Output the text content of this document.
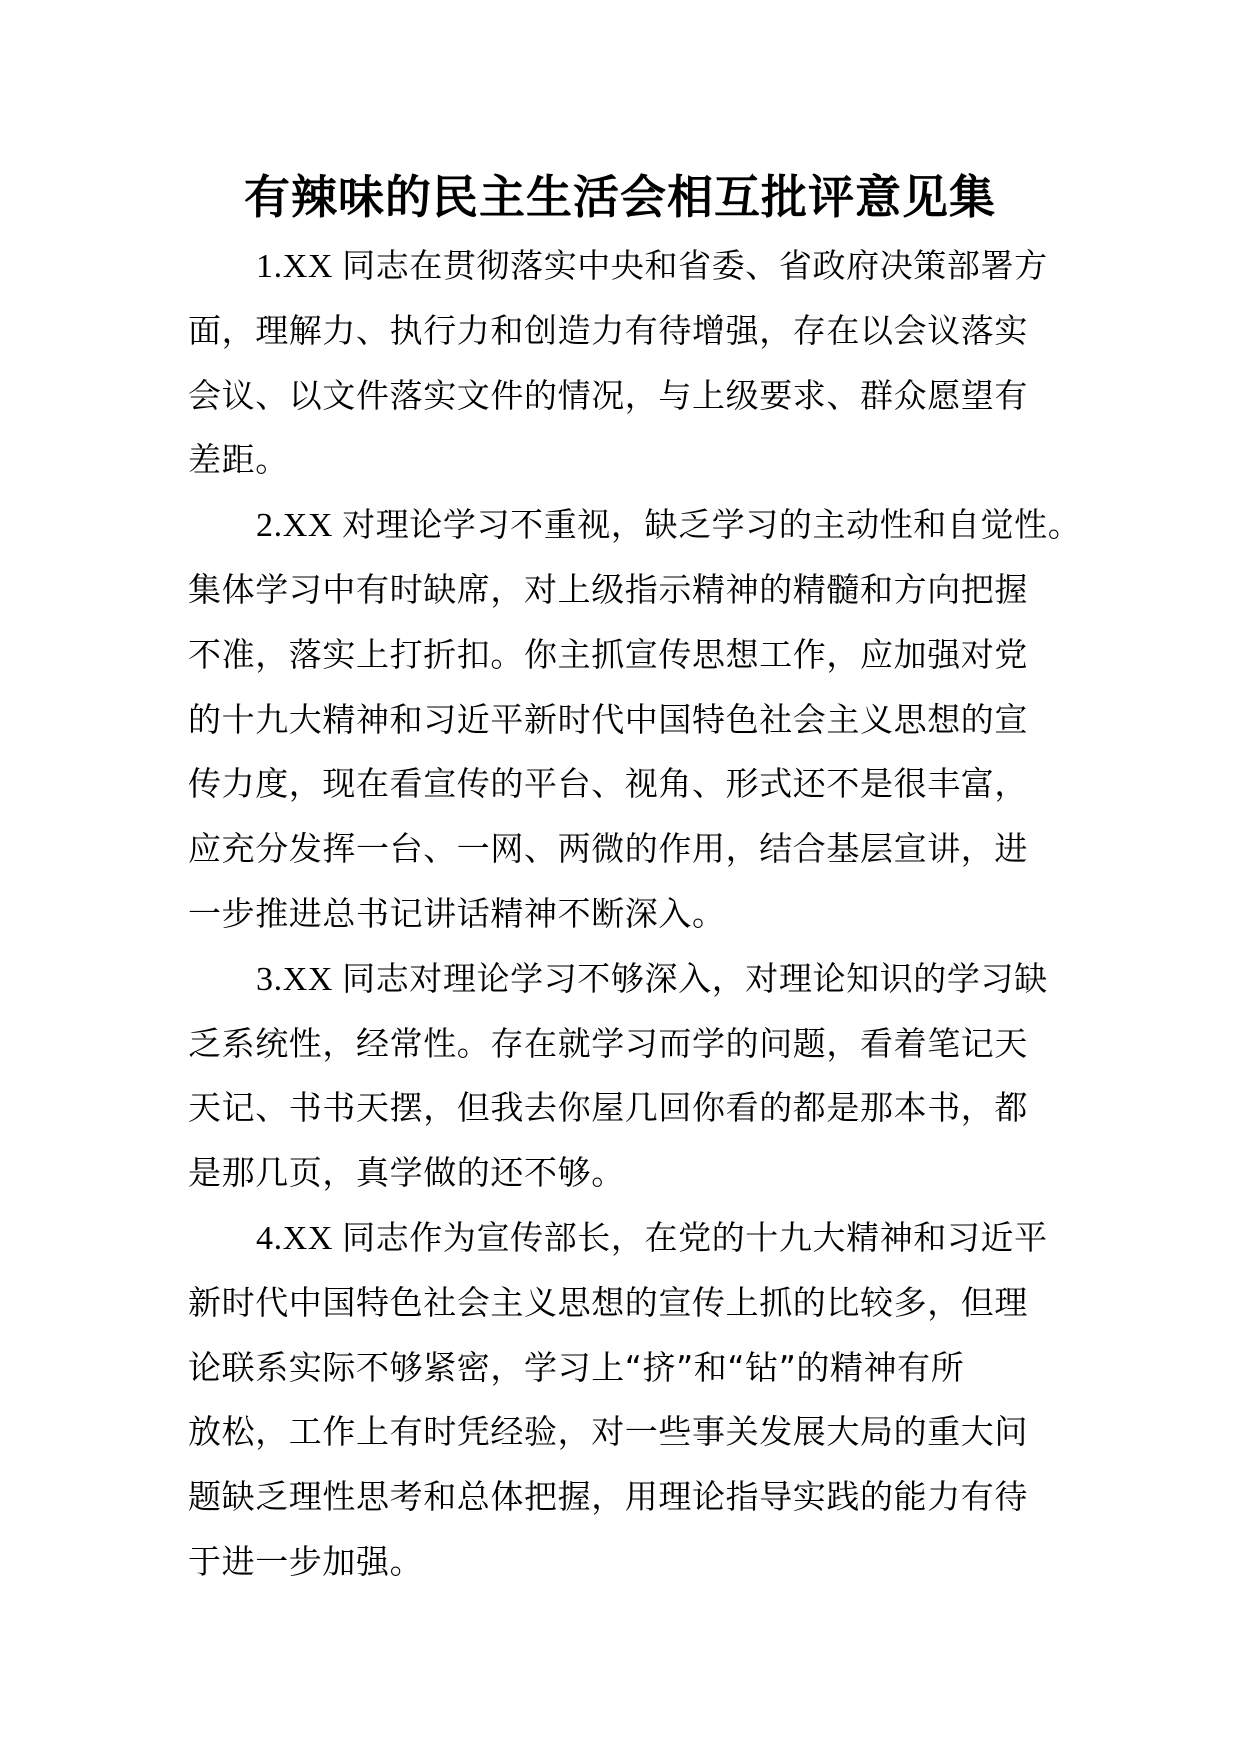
有辣味的民主生活会相互批评意见集

1.XX 同志在贯彻落实中央和省委、省政府决策部署方
面，理解力、执行力和创造力有待增强，存在以会议落实
会议、以文件落实文件的情况，与上级要求、群众愿望有
差距。

2.XX 对理论学习不重视，缺乏学习的主动性和自觉性。
集体学习中有时缺席，对上级指示精神的精髓和方向把握
不准，落实上打折扣。你主抓宣传思想工作，应加强对党
的十九大精神和习近平新时代中国特色社会主义思想的宣
传力度，现在看宣传的平台、视角、形式还不是很丰富，
应充分发挥一台、一网、两微的作用，结合基层宣讲，进
一步推进总书记讲话精神不断深入。

3.XX 同志对理论学习不够深入，对理论知识的学习缺
乏系统性，经常性。存在就学习而学的问题，看着笔记天
天记、书书天摆，但我去你屋几回你看的都是那本书，都
是那几页，真学做的还不够。

4.XX 同志作为宣传部长，在党的十九大精神和习近平
新时代中国特色社会主义思想的宣传上抓的比较多，但理
论联系实际不够紧密，学习上“挤”和“钻”的精神有所
放松，工作上有时凭经验，对一些事关发展大局的重大问
题缺乏理性思考和总体把握，用理论指导实践的能力有待
于进一步加强。
